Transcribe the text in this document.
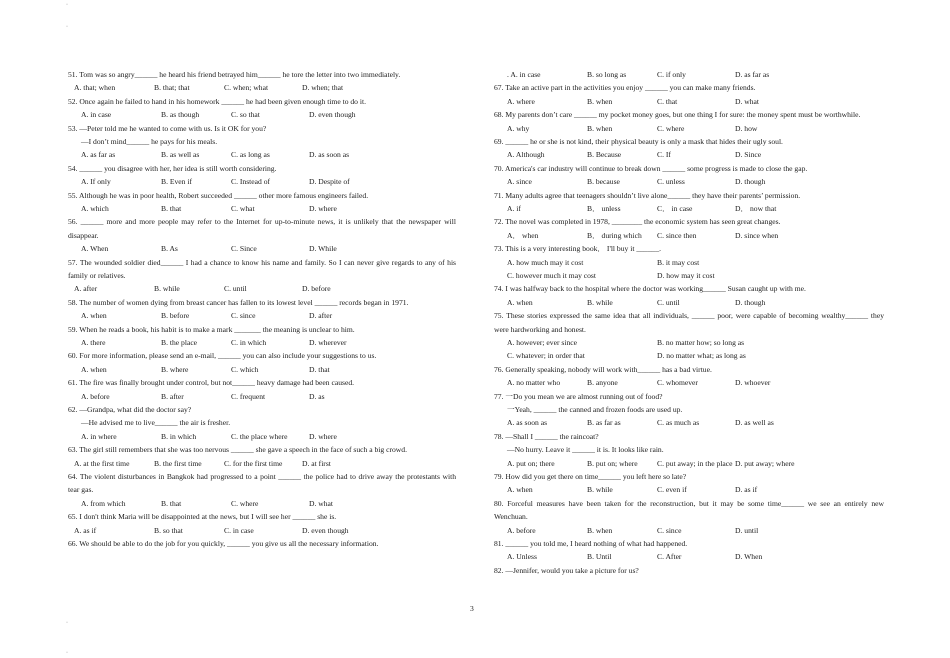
·
·
·
·
51. Tom was so angry______ he heard his friend betrayed him______ he tore the letter into two immediately.
A. that; when	B. that; that	C. when; what	D. when; that
52. Once again he failed to hand in his homework ______ he had been given enough time to do it.
A. in case	B. as though	C. so that	D. even though
53. —Peter told me he wanted to come with us. Is it OK for you?
—I don’t mind______ he pays for his meals.
A. as far as	B. as well as	C. as long as	D. as soon as
54. ______ you disagree with her, her idea is still worth considering.
A. If only	B. Even if	C. Instead of	D. Despite of
55. Although he was in poor health, Robert succeeded ______ other more famous engineers failed.
A. which	B. that	C. what	D. where
56. ______ more and more people may refer to the Internet for up-to-minute news, it is unlikely that the newspaper will disappear.
A. When	B. As	C. Since	D. While
57. The wounded soldier died______ I had a chance to know his name and family. So I can never give regards to any of his family or relatives.
A. after	B. while	C. until	D. before
58. The number of women dying from breast cancer has fallen to its lowest level ______ records began in 1971.
A. when	B. before	C. since	D. after
59. When he reads a book, his habit is to make a mark _______ the meaning is unclear to him.
A. there	B. the place	C. in which	D. wherever
60. For more information, please send an e-mail, ______ you can also include your suggestions to us.
A. when	B. where	C. which	D. that
61. The fire was finally brought under control, but not______ heavy damage had been caused.
A. before	B. after	C. frequent	D. as
62. —Grandpa, what did the doctor say?
—He advised me to live______ the air is fresher.
A. in where	B. in which	C. the place where	D. where
63. The girl still remembers that she was too nervous ______ she gave a speech in the face of such a big crowd.
A. at the first time	B. the first time	C. for the first time	D. at first
64. The violent disturbances in Bangkok had progressed to a point ______ the police had to drive away the protestants with tear gas.
A. from which	B. that	C. where	D. what
65. I don't think Maria will be disappointed at the news, but I will see her ______ she is.
A. as if	B. so that	C. in case	D. even though
66. We should be able to do the job for you quickly, ______ you give us all the necessary information.
. A. in case	B. so long as	C. if only	D. as far as
67. Take an active part in the activities you enjoy ______ you can make many friends.
A. where	B. when	C. that	D. what
68. My parents don’t care ______ my pocket money goes, but one thing I for sure: the money spent must be worthwhile.
A. why	B. when	C. where	D. how
69. ______ he or she is not kind, their physical beauty is only a mask that hides their ugly soul.
A. Although	B. Because	C. If	D. Since
70. America's car industry will continue to break down ______ some progress is made to close the gap.
A. since	B. because	C. unless	D. though
71. Many adults agree that teenagers shouldn’t live alone______ they have their parents’ permission.
A. if	B． unless	C． in case	D． now that
72. The novel was completed in 1978, ________ the economic system has seen great changes.
A． when	B． during which C. since then	D. since when
73. This is a very interesting book． I'll buy it ______.
A. how much may it cost	B. it may cost
C. however much it may cost	D. how may it cost
74. I was halfway back to the hospital where the doctor was working______ Susan caught up with me.
A. when	B. while	C. until	D. though
75. These stories expressed the same idea that all individuals, ______ poor, were capable of becoming wealthy______ they were hardworking and honest.
A. however; ever since	B. no matter how; so long as
C. whatever; in order that	D. no matter what; as long as
76. Generally speaking, nobody will work with______ has a bad virtue.
A. no matter who	B. anyone	C. whomever	D. whoever
77. 一Do you mean we are almost running out of food?
一Yeah, ______ the canned and frozen foods are used up.
A. as soon as	B. as far as	C. as much as	D. as well as
78. —Shall I ______ the raincoat?
—No hurry. Leave it ______ it is. It looks like rain.
A. put on; there	B. put on; where	C. put away; in the place D. put away; where
79. How did you get there on time______ you left here so late?
A. when	B. while	C. even if	D. as if
80. Forceful measures have been taken for the reconstruction, but it may be some time______ we see an entirely new Wenchuan.
A. before	B. when	C. since	D. until
81. ______ you told me, I heard nothing of what had happened.
A. Unless	B. Until	C. After	D. When
82. —Jennifer, would you take a picture for us?
3
